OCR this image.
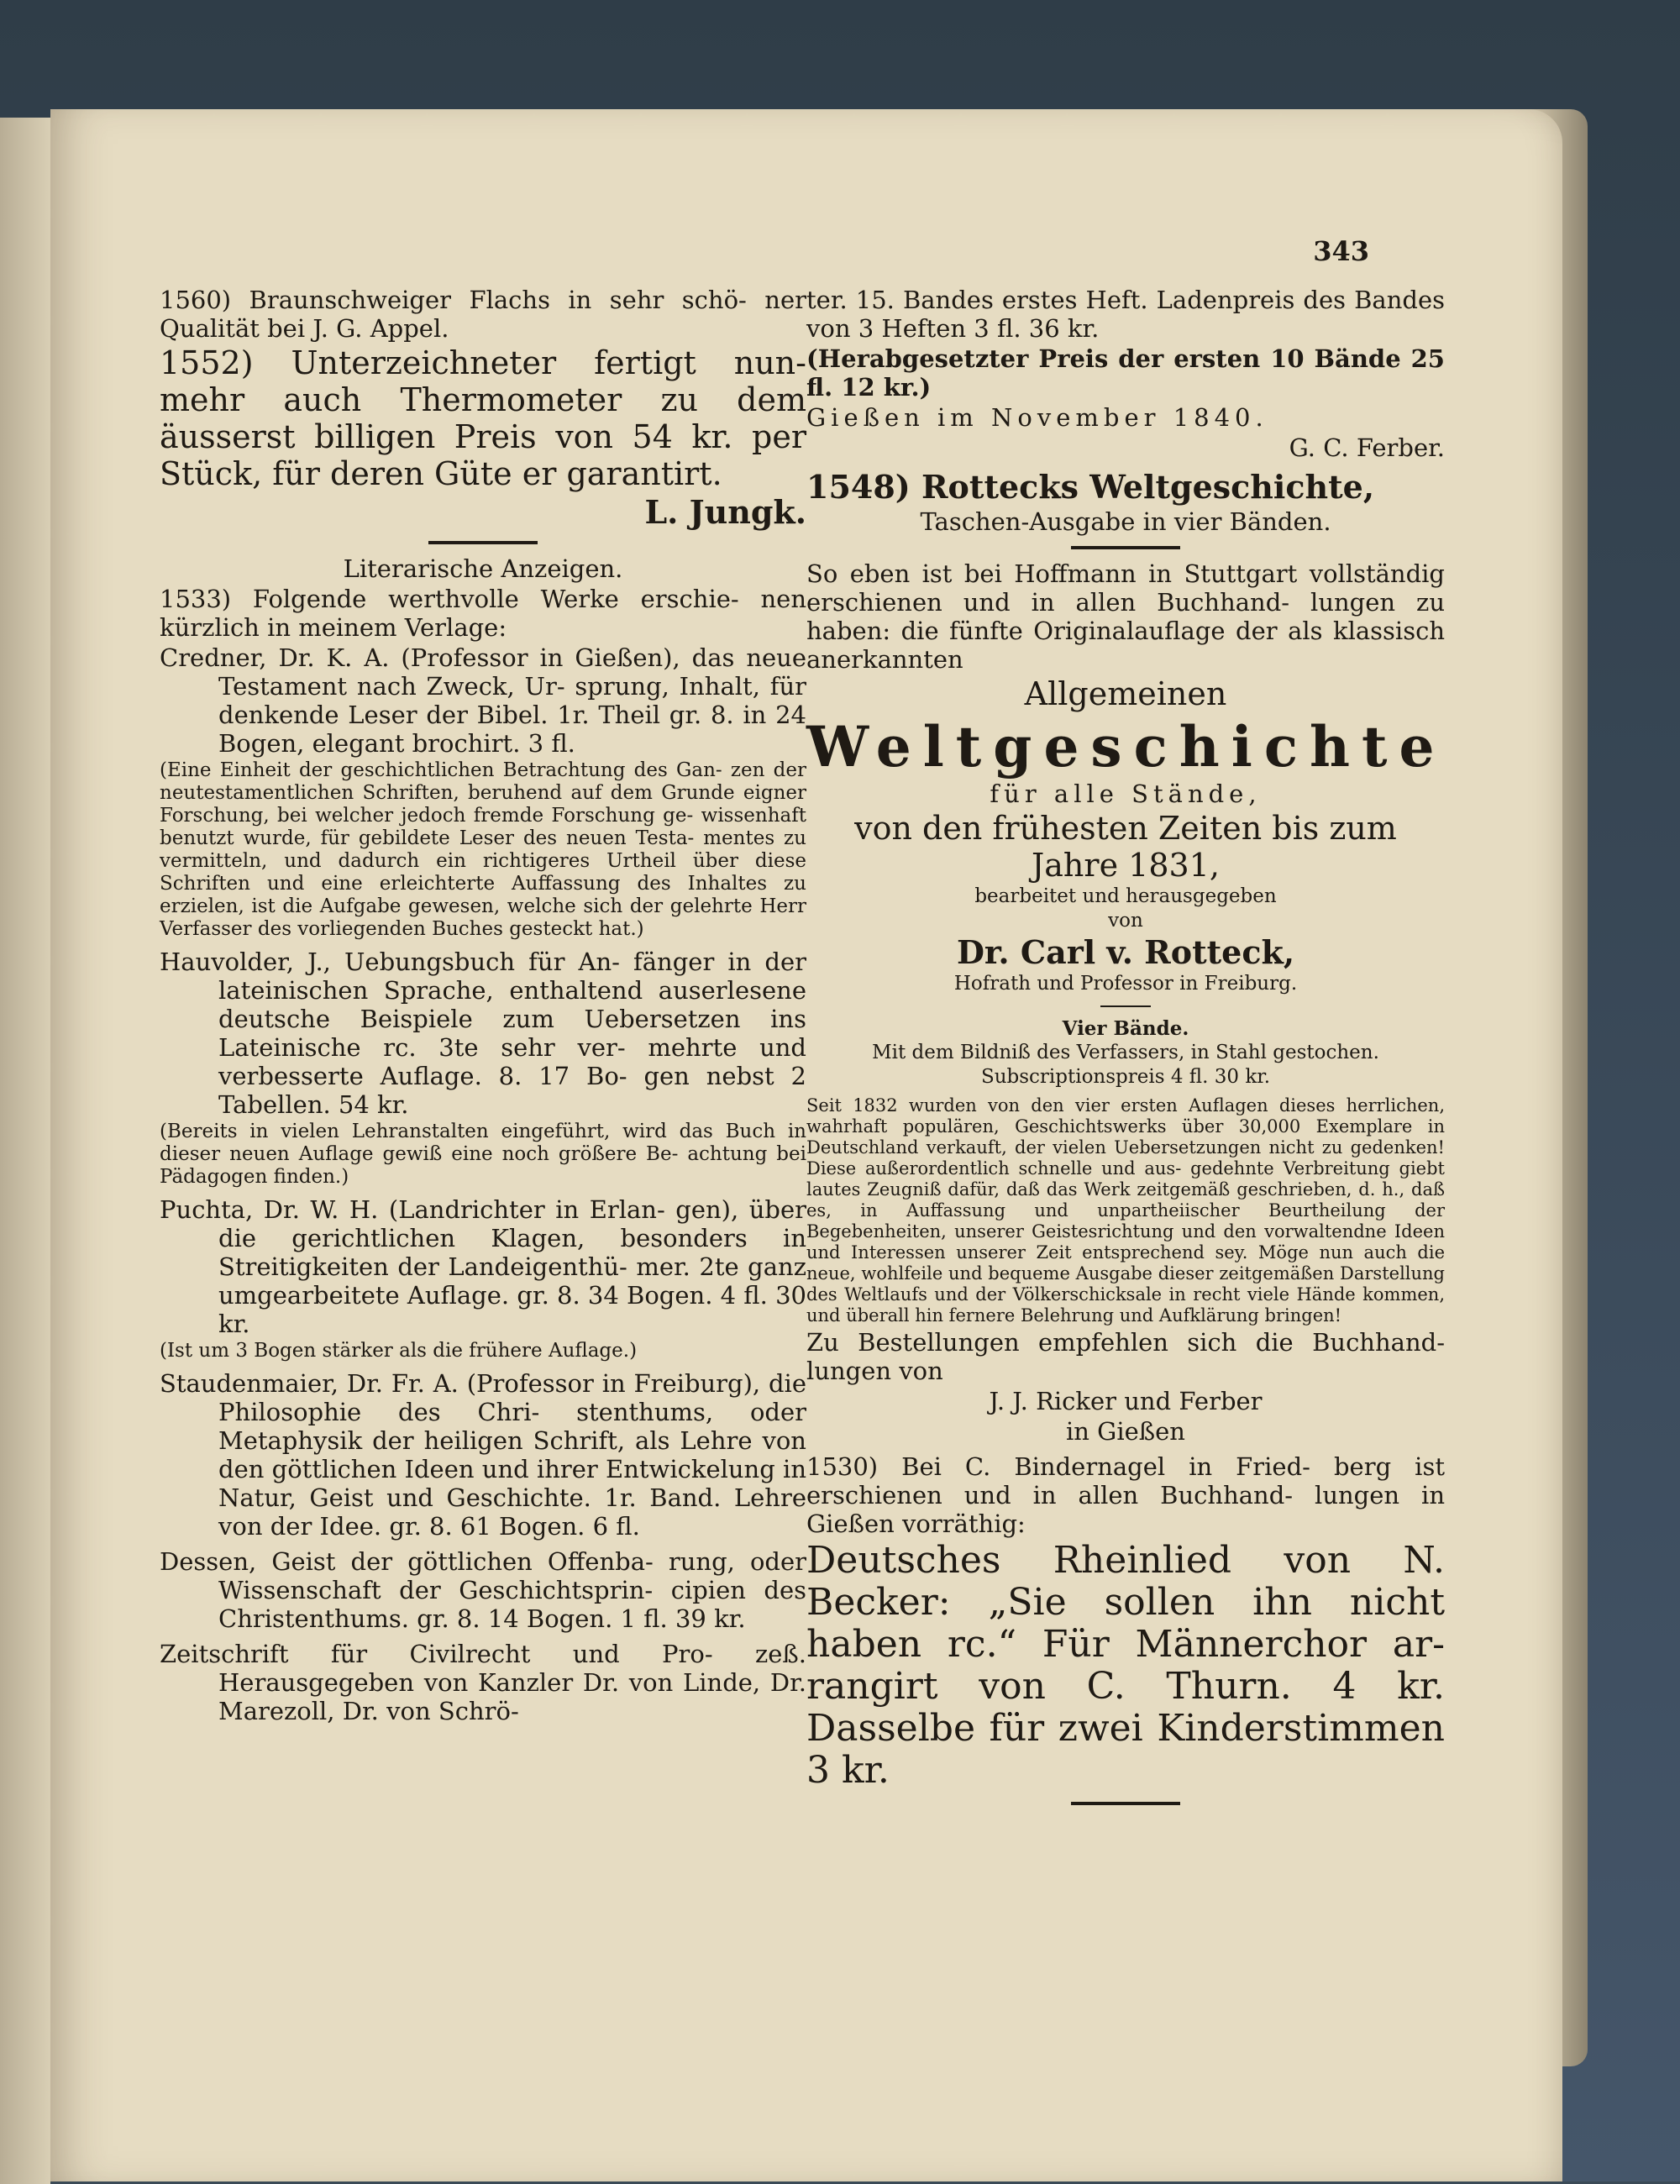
343

1560) Braunschweiger Flachs in sehr schö- ner Qualität bei J. G. Appel.

1552) Unterzeichneter fertigt nun- mehr auch Thermometer zu dem äusserst billigen Preis von 54 kr. per Stück, für deren Güte er garantirt.

L. Jungk.

Literarische Anzeigen.

1533) Folgende werthvolle Werke erschie- nen kürzlich in meinem Verlage:

Credner, Dr. K. A. (Professor in Gießen), das neue Testament nach Zweck, Ur- sprung, Inhalt, für denkende Leser der Bibel. 1r. Theil gr. 8. in 24 Bogen, elegant brochirt. 3 fl.

(Eine Einheit der geschichtlichen Betrachtung des Gan- zen der neutestamentlichen Schriften, beruhend auf dem Grunde eigner Forschung, bei welcher jedoch fremde Forschung ge- wissenhaft benutzt wurde, für gebildete Leser des neuen Testa- mentes zu vermitteln, und dadurch ein richtigeres Urtheil über diese Schriften und eine erleichterte Auffassung des Inhaltes zu erzielen, ist die Aufgabe gewesen, welche sich der gelehrte Herr Verfasser des vorliegenden Buches gesteckt hat.)

Hauvolder, J., Uebungsbuch für An- fänger in der lateinischen Sprache, enthaltend auserlesene deutsche Beispiele zum Uebersetzen ins Lateinische rc. 3te sehr ver- mehrte und verbesserte Auflage. 8. 17 Bo- gen nebst 2 Tabellen. 54 kr.

(Bereits in vielen Lehranstalten eingeführt, wird das Buch in dieser neuen Auflage gewiß eine noch größere Be- achtung bei Pädagogen finden.)

Puchta, Dr. W. H. (Landrichter in Erlan- gen), über die gerichtlichen Klagen, besonders in Streitigkeiten der Landeigenthü- mer. 2te ganz umgearbeitete Auflage. gr. 8. 34 Bogen. 4 fl. 30 kr.

(Ist um 3 Bogen stärker als die frühere Auflage.)

Staudenmaier, Dr. Fr. A. (Professor in Freiburg), die Philosophie des Chri- stenthums, oder Metaphysik der heiligen Schrift, als Lehre von den göttlichen Ideen und ihrer Entwickelung in Natur, Geist und Geschichte. 1r. Band. Lehre von der Idee. gr. 8. 61 Bogen. 6 fl.

Dessen, Geist der göttlichen Offenba- rung, oder Wissenschaft der Geschichtsprin- cipien des Christenthums. gr. 8. 14 Bogen. 1 fl. 39 kr.

Zeitschrift für Civilrecht und Pro- zeß. Herausgegeben von Kanzler Dr. von Linde, Dr. Marezoll, Dr. von Schrö-

ter. 15. Bandes erstes Heft. Ladenpreis des Bandes von 3 Heften 3 fl. 36 kr.

(Herabgesetzter Preis der ersten 10 Bände 25 fl. 12 kr.)

Gießen im November 1840.

G. C. Ferber.

1548) Rottecks Weltgeschichte,

Taschen-Ausgabe in vier Bänden.

So eben ist bei Hoffmann in Stuttgart vollständig erschienen und in allen Buchhand- lungen zu haben: die fünfte Originalauflage der als klassisch anerkannten

Allgemeinen

Weltgeschichte

für alle Stände,

von den frühesten Zeiten bis zum Jahre 1831,

bearbeitet und herausgegeben

von

Dr. Carl v. Rotteck,

Hofrath und Professor in Freiburg.

Vier Bände.

Mit dem Bildniß des Verfassers, in Stahl gestochen.

Subscriptionspreis 4 fl. 30 kr.

Seit 1832 wurden von den vier ersten Auflagen dieses herrlichen, wahrhaft populären, Geschichtswerks über 30,000 Exemplare in Deutschland verkauft, der vielen Uebersetzungen nicht zu gedenken! Diese außerordentlich schnelle und aus- gedehnte Verbreitung giebt lautes Zeugniß dafür, daß das Werk zeitgemäß geschrieben, d. h., daß es, in Auffassung und unpartheiischer Beurtheilung der Begebenheiten, unserer Geistesrichtung und den vorwaltendne Ideen und Interessen unserer Zeit entsprechend sey. Möge nun auch die neue, wohlfeile und bequeme Ausgabe dieser zeitgemäßen Darstellung des Weltlaufs und der Völkerschicksale in recht viele Hände kommen, und überall hin fernere Belehrung und Aufklärung bringen!

Zu Bestellungen empfehlen sich die Buchhand- lungen von

J. J. Ricker und Ferber

in Gießen

1530) Bei C. Bindernagel in Fried- berg ist erschienen und in allen Buchhand- lungen in Gießen vorräthig:

Deutsches Rheinlied von N. Becker: „Sie sollen ihn nicht haben rc.“ Für Männerchor ar- rangirt von C. Thurn. 4 kr. Dasselbe für zwei Kinderstimmen 3 kr.
